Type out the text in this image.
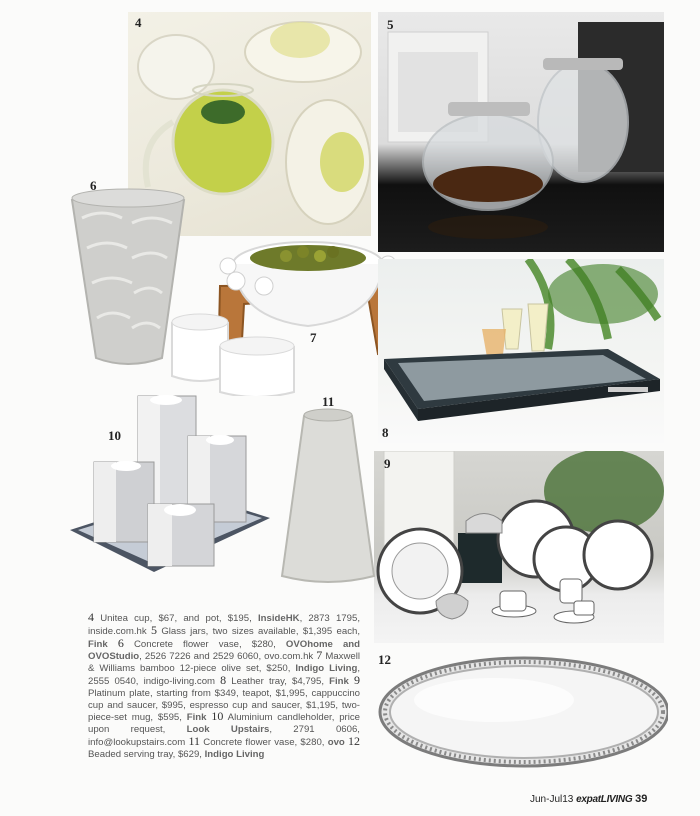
4	5
6
7
8
9
10
11
12
4 Unitea cup, $67, and pot, $195, InsideHK, 2873 1795, inside.com.hk 5 Glass jars, two sizes available, $1,395 each, Fink 6 Concrete flower vase, $280, OVOhome and OVOStudio, 2526 7226 and 2529 6060, ovo.com.hk 7 Maxwell & Williams bamboo 12-piece olive set, $250, Indigo Living, 2555 0540, indigo-living.com 8 Leather tray, $4,795, Fink 9 Platinum plate, starting from $349, teapot, $1,995, cappuccino cup and saucer, $995, espresso cup and saucer, $1,195, two-piece-set mug, $595, Fink 10 Aluminium candleholder, price upon request, Look Upstairs, 2791 0606, info@lookupstairs.com 11 Concrete flower vase, $280, ovo 12 Beaded serving tray, $629, Indigo Living
Jun-Jul13 expatLIVING 39
